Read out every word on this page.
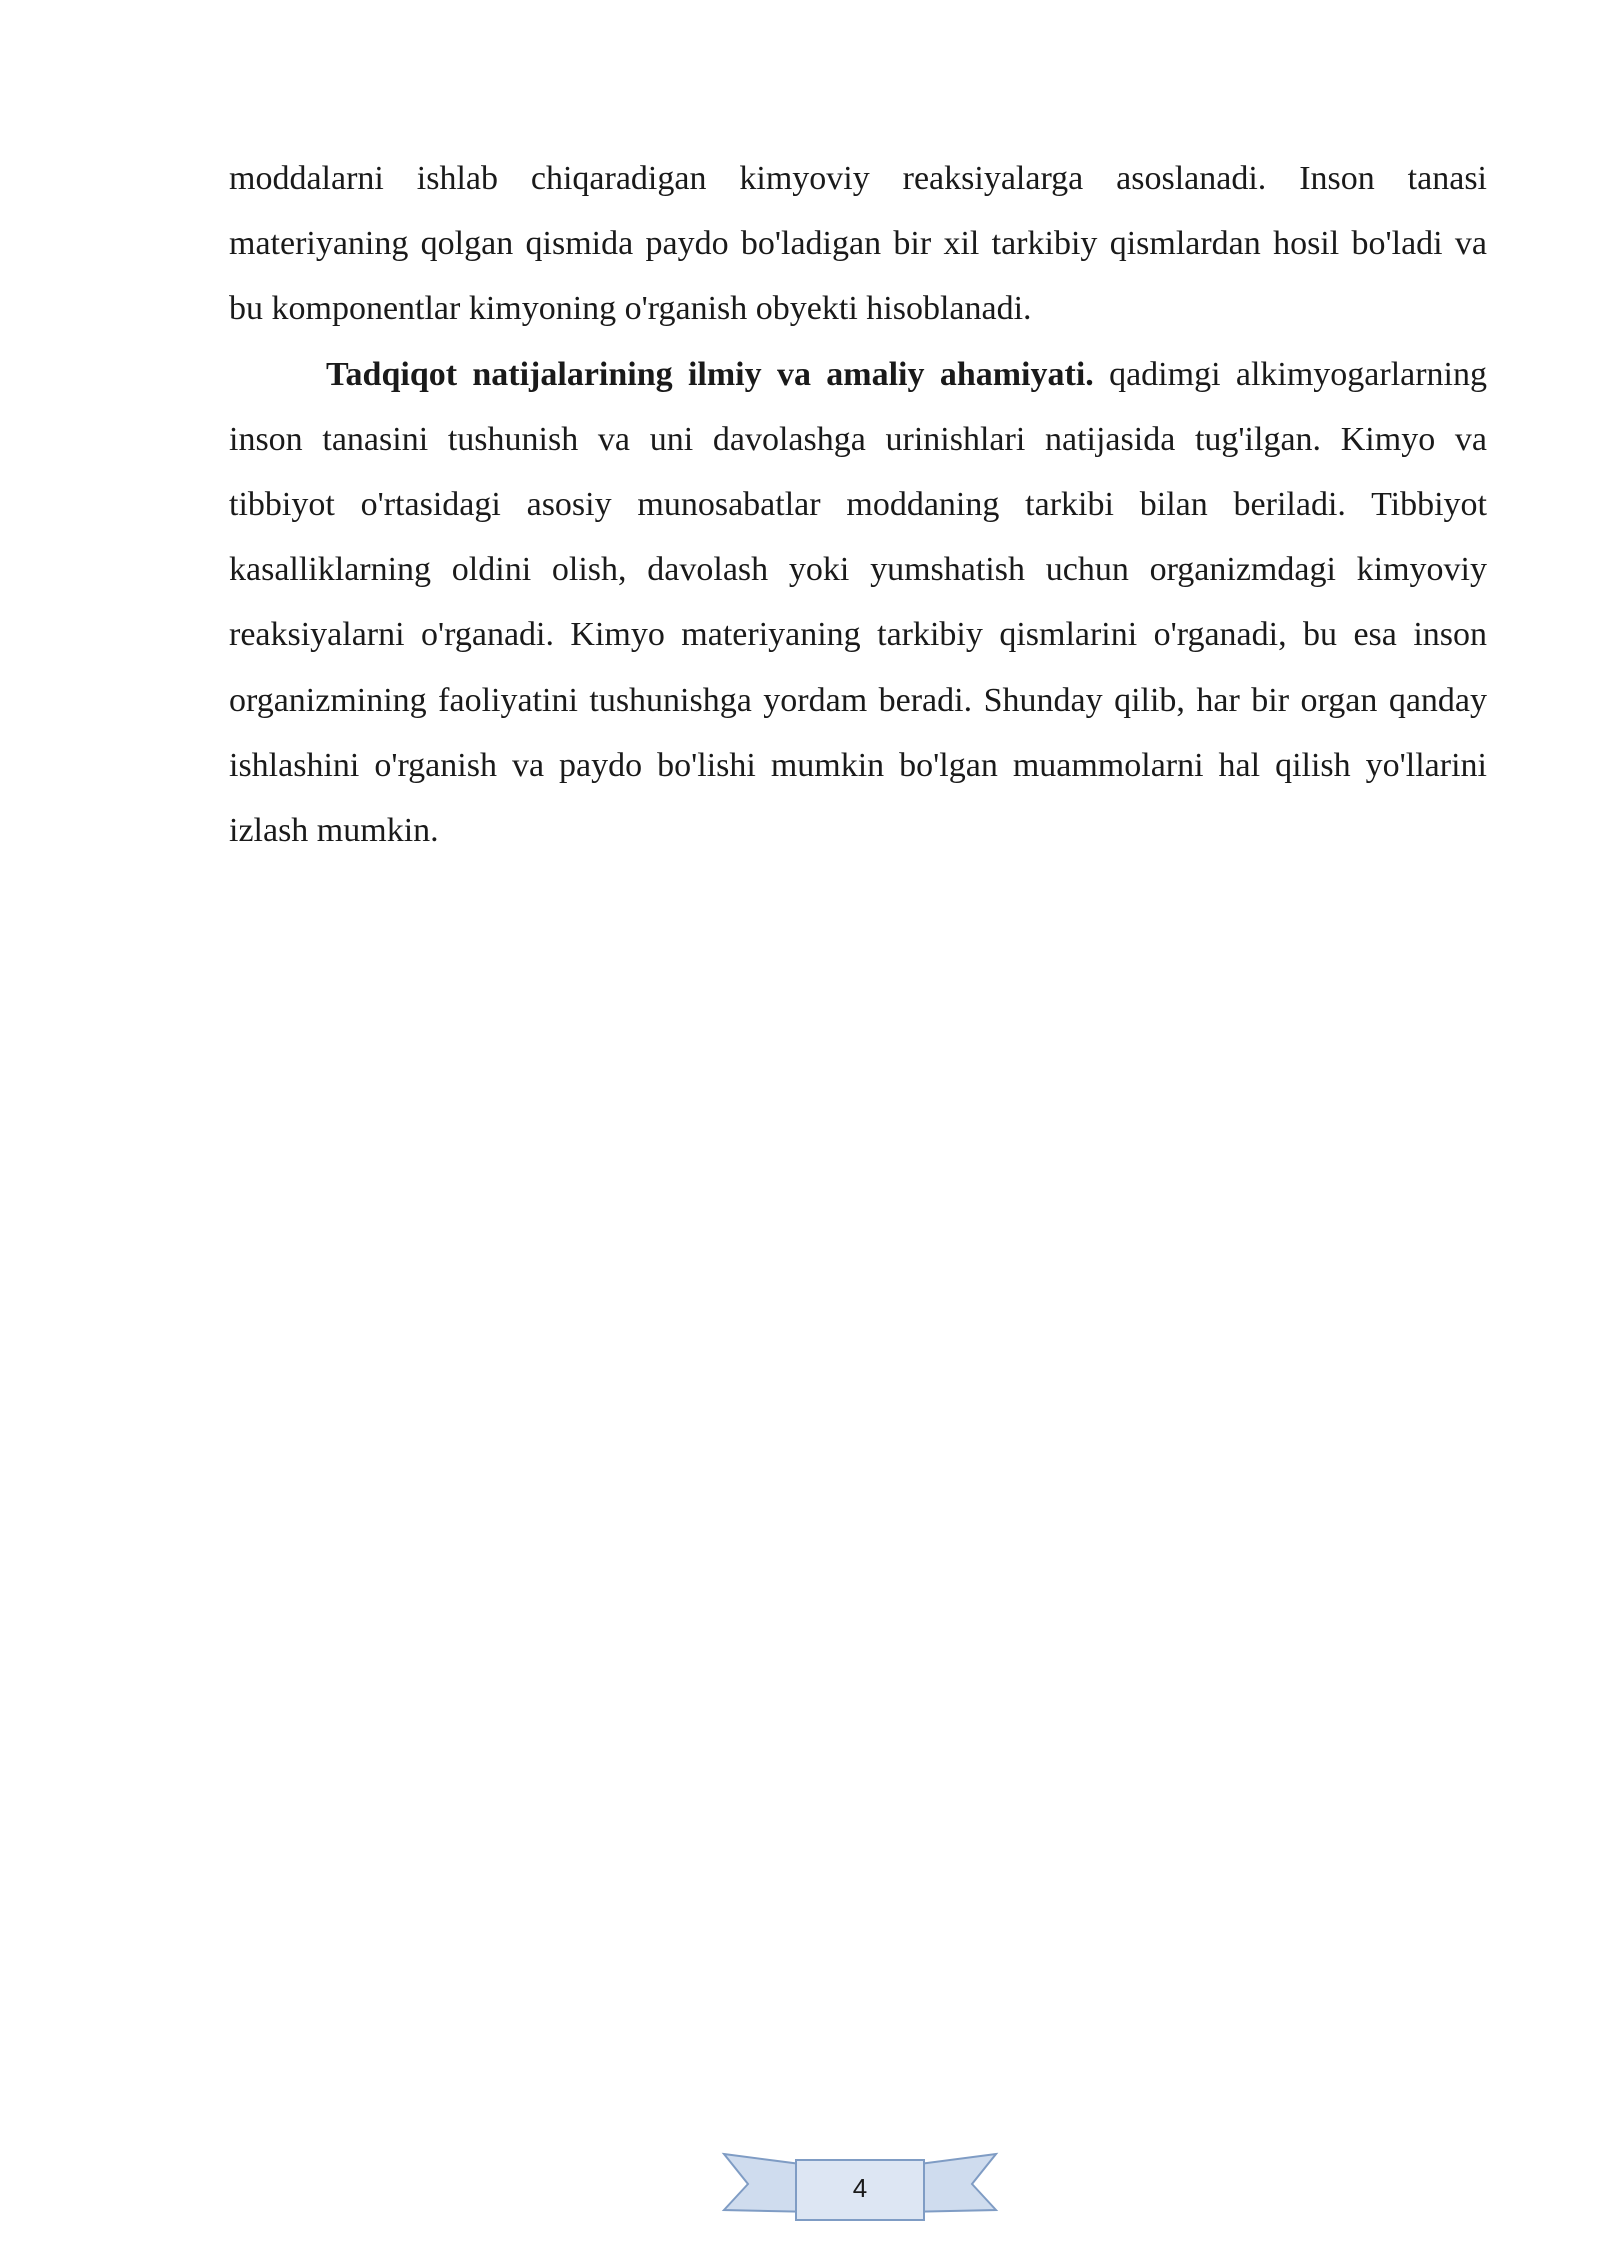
moddalarni ishlab chiqaradigan kimyoviy reaksiyalarga asoslanadi. Inson tanasi materiyaning qolgan qismida paydo bo'ladigan bir xil tarkibiy qismlardan hosil bo'ladi va bu komponentlar kimyoning o'rganish obyekti hisoblanadi.

Tadqiqot natijalarining ilmiy va amaliy ahamiyati. qadimgi alkimyogarlarning inson tanasini tushunish va uni davolashga urinishlari natijasida tug'ilgan. Kimyo va tibbiyot o'rtasidagi asosiy munosabatlar moddaning tarkibi bilan beriladi. Tibbiyot kasalliklarning oldini olish, davolash yoki yumshatish uchun organizmdagi kimyoviy reaksiyalarni o'rganadi. Kimyo materiyaning tarkibiy qismlarini o'rganadi, bu esa inson organizmining faoliyatini tushunishga yordam beradi. Shunday qilib, har bir organ qanday ishlashini o'rganish va paydo bo'lishi mumkin bo'lgan muammolarni hal qilish yo'llarini izlash mumkin.

4
